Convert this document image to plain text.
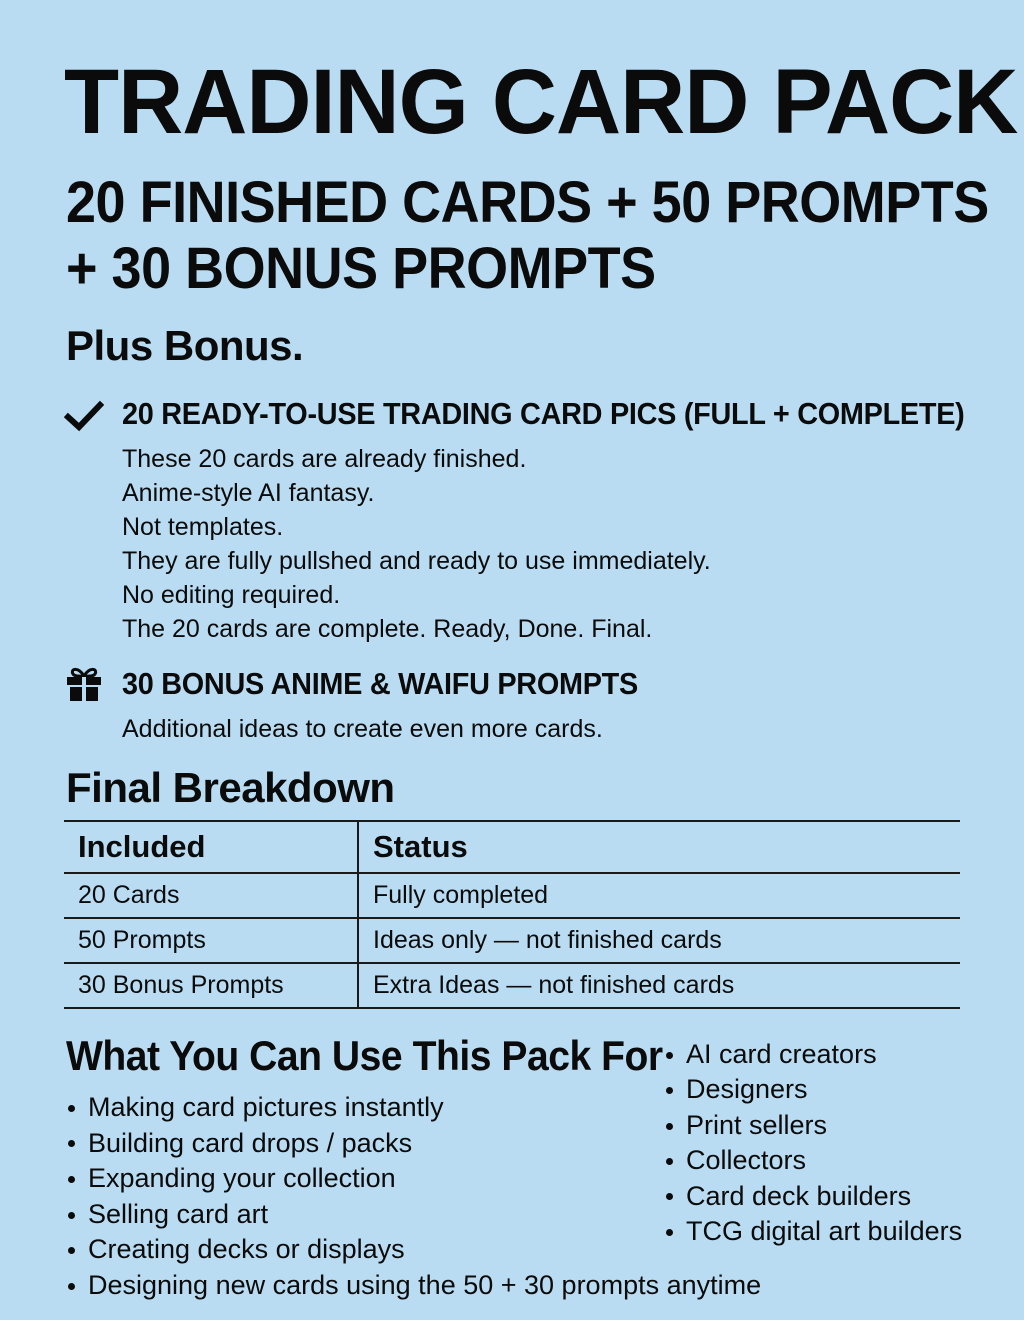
TRADING CARD PACK
20 FINISHED CARDS + 50 PROMPTS
+ 30 BONUS PROMPTS
Plus Bonus.
20 READY-TO-USE TRADING CARD PICS (FULL + COMPLETE)
These 20 cards are already finished.
Anime-style AI fantasy.
Not templates.
They are fully pullshed and ready to use immediately.
No editing required.
The 20 cards are complete. Ready, Done. Final.
30 BONUS ANIME & WAIFU PROMPTS
Additional ideas to create even more cards.
Final Breakdown
Included	Status
20 Cards	Fully completed
50 Prompts	Ideas only — not finished cards
30 Bonus Prompts	Extra Ideas — not finished cards
What You Can Use This Pack For
Making card pictures instantly
Building card drops / packs
Expanding your collection
Selling card art
Creating decks or displays
Designing new cards using the 50 + 30 prompts anytime
AI card creators
Designers
Print sellers
Collectors
Card deck builders
TCG digital art builders
